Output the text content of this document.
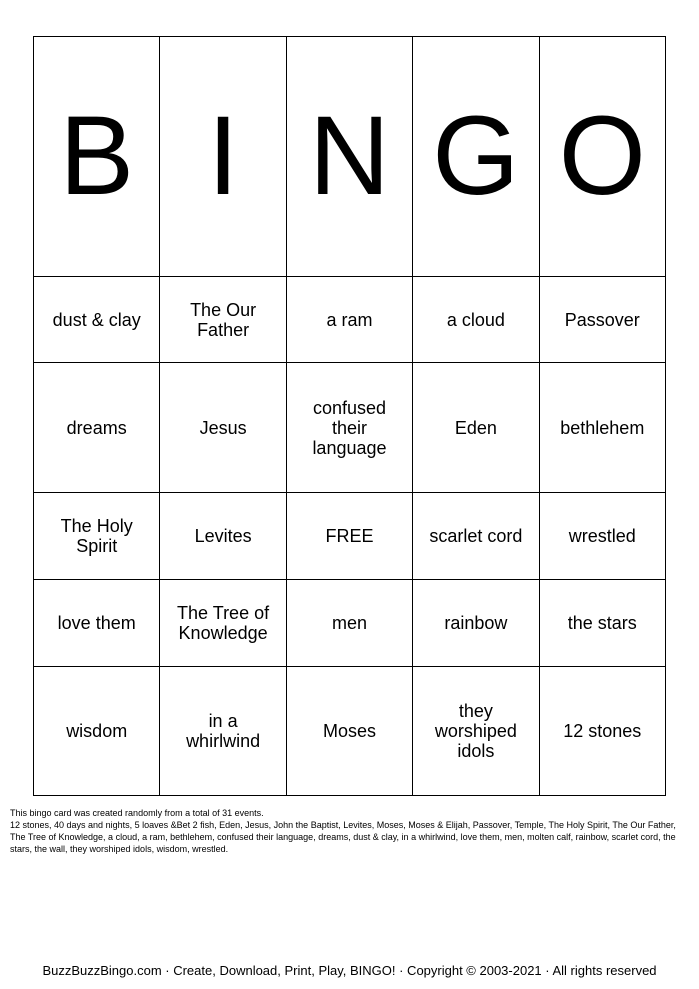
B	I	N	G	O
dust & clay	The Our Father	a ram	a cloud	Passover
dreams	Jesus	confused their language	Eden	bethlehem
The Holy Spirit	Levites	FREE	scarlet cord	wrestled
love them	The Tree of Knowledge	men	rainbow	the stars
wisdom	in a whirlwind	Moses	they worshiped idols	12 stones

This bingo card was created randomly from a total of 31 events.

12 stones, 40 days and nights, 5 loaves &Bet 2 fish, Eden, Jesus, John the Baptist, Levites, Moses, Moses & Elijah, Passover, Temple, The Holy Spirit, The Our Father, The Tree of Knowledge, a cloud, a ram, bethlehem, confused their language, dreams, dust & clay, in a whirlwind, love them, men, molten calf, rainbow, scarlet cord, the stars, the wall, they worshiped idols, wisdom, wrestled.

BuzzBuzzBingo.com · Create, Download, Print, Play, BINGO! · Copyright © 2003-2021 · All rights reserved
